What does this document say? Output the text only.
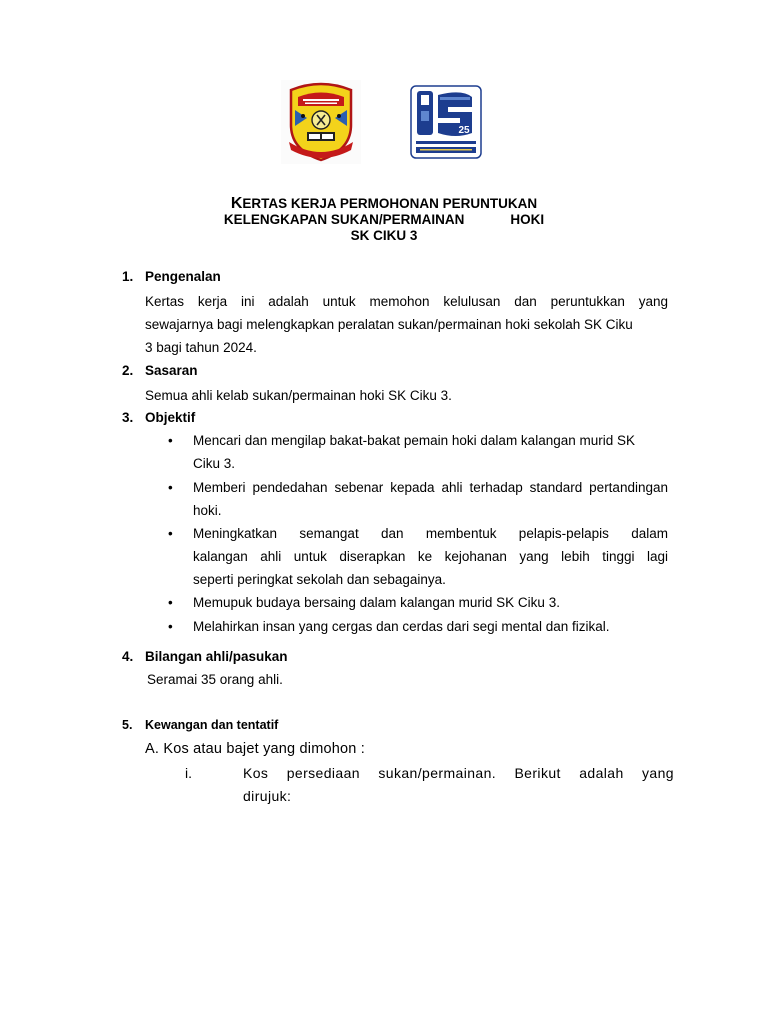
25
KERTAS KERJA PERMOHONAN PERUNTUKAN
KELENGKAPAN SUKAN/PERMAINAN	HOKI
SK CIKU 3
1. Pengenalan
Kertas kerja ini adalah untuk memohon kelulusan dan peruntukkan yang
sewajarnya bagi melengkapkan peralatan sukan/permainan hoki sekolah SK Ciku
3 bagi tahun 2024.
2. Sasaran
Semua ahli kelab sukan/permainan hoki SK Ciku 3.
3. Objektif
• Mencari dan mengilap bakat-bakat pemain hoki dalam kalangan murid SK
Ciku 3.
• Memberi pendedahan sebenar kepada ahli terhadap standard pertandingan
hoki.
• Meningkatkan semangat dan membentuk pelapis-pelapis dalam
kalangan ahli untuk diserapkan ke kejohanan yang lebih tinggi lagi
seperti peringkat sekolah dan sebagainya.
• Memupuk budaya bersaing dalam kalangan murid SK Ciku 3.
• Melahirkan insan yang cergas dan cerdas dari segi mental dan fizikal.
4. Bilangan ahli/pasukan
Seramai 35 orang ahli.
5. Kewangan dan tentatif
A. Kos atau bajet yang dimohon :
i.	Kos persediaan sukan/permainan. Berikut adalah yang
dirujuk:
